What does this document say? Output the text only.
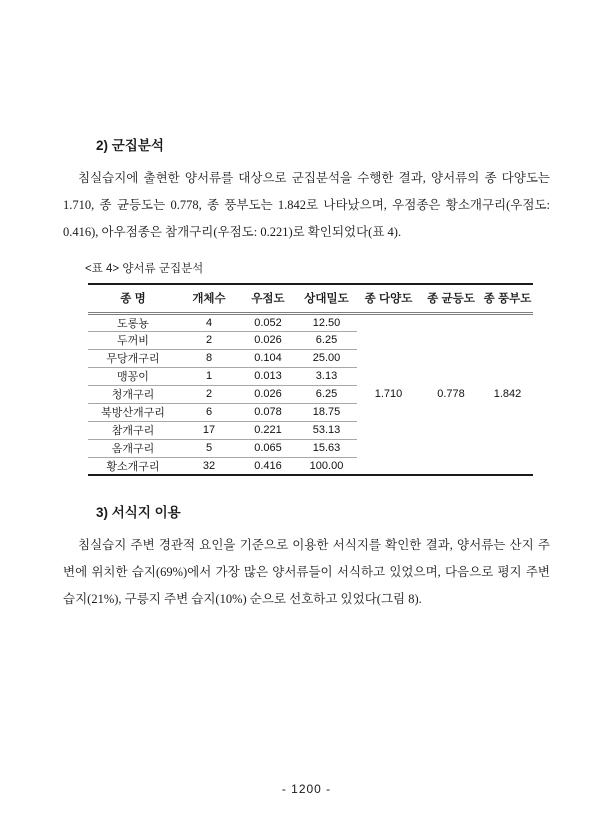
2) 군집분석
침실습지에 출현한 양서류를 대상으로 군집분석을 수행한 결과, 양서류의 종 다양도는
1.710, 종 균등도는 0.778, 종 풍부도는 1.842로 나타났으며, 우점종은 황소개구리(우점도:
0.416), 아우점종은 참개구리(우점도: 0.221)로 확인되었다(표 4).
<표 4> 양서류 군집분석
종 명	개체수	우점도	상대밀도	종 다양도	종 균등도	종 풍부도
도롱뇽	4	0.052	12.50	1.710	0.778	1.842
두꺼비	2	0.026	6.25			
무당개구리	8	0.104	25.00			
맹꽁이	1	0.013	3.13			
청개구리	2	0.026	6.25			
북방산개구리	6	0.078	18.75			
참개구리	17	0.221	53.13			
옴개구리	5	0.065	15.63			
황소개구리	32	0.416	100.00			
3) 서식지 이용
침실습지 주변 경관적 요인을 기준으로 이용한 서식지를 확인한 결과, 양서류는 산지 주
변에 위치한 습지(69%)에서 가장 많은 양서류들이 서식하고 있었으며, 다음으로 평지 주변
습지(21%), 구릉지 주변 습지(10%) 순으로 선호하고 있었다(그림 8).
- 1200 -
